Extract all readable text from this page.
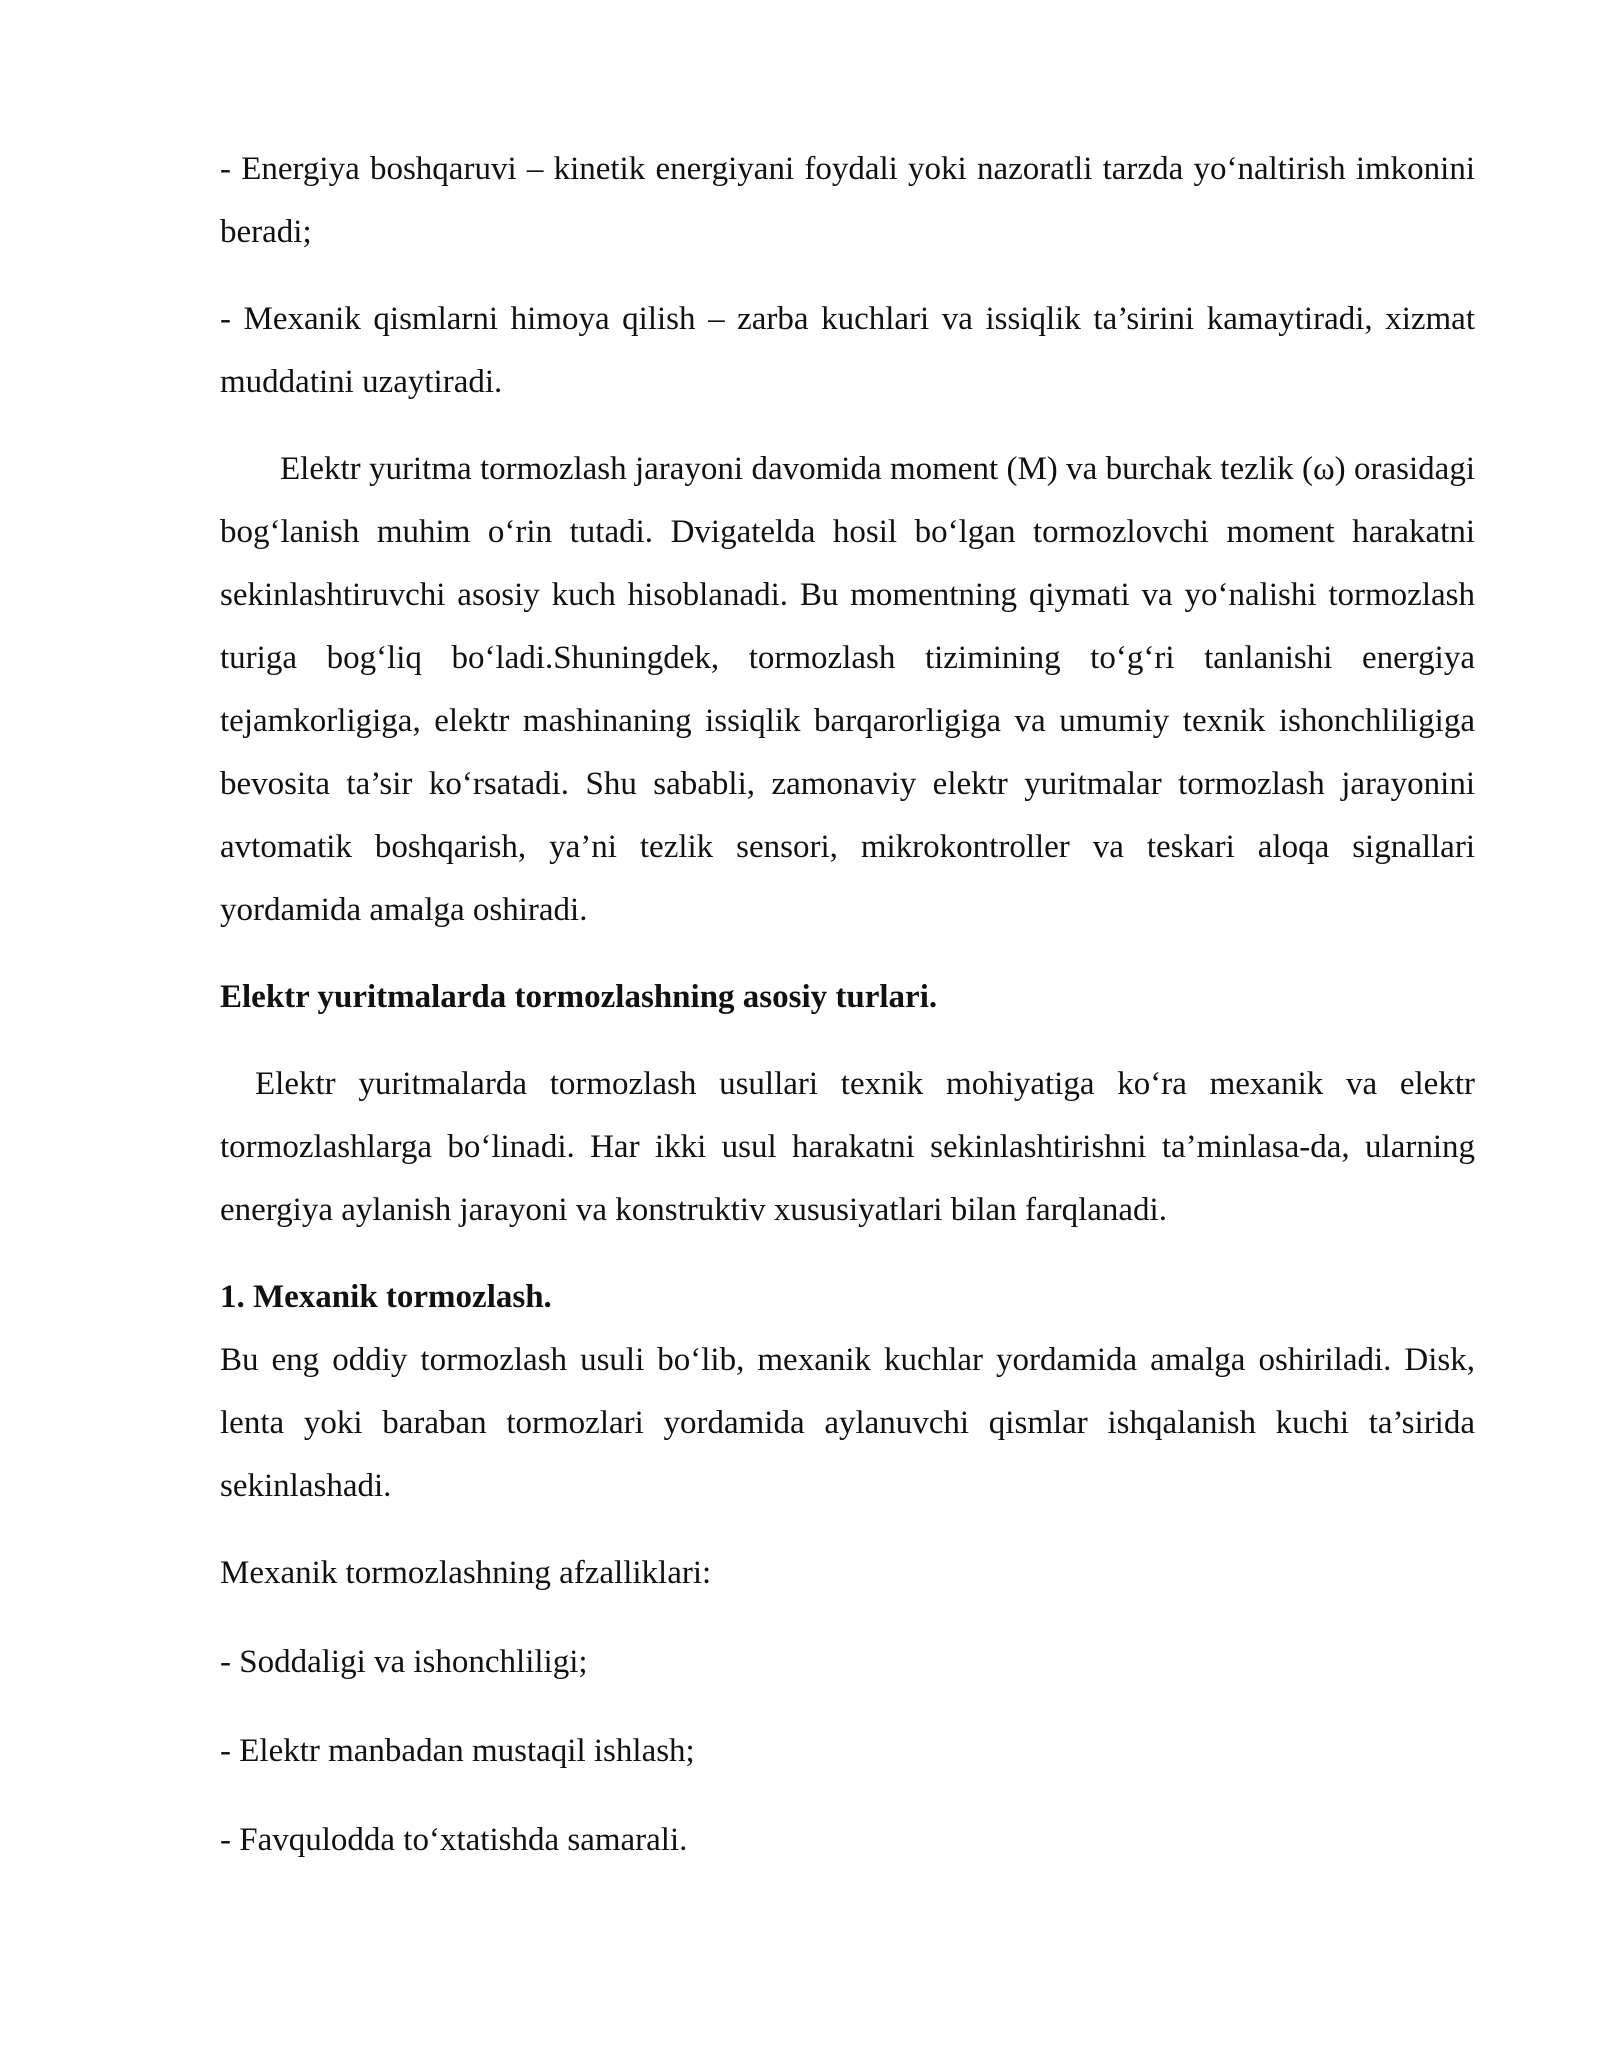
- Energiya boshqaruvi – kinetik energiyani foydali yoki nazoratli tarzda yo‘naltirish imkonini beradi;

- Mexanik qismlarni himoya qilish – zarba kuchlari va issiqlik ta’sirini kamaytiradi, xizmat muddatini uzaytiradi.

Elektr yuritma tormozlash jarayoni davomida moment (M) va burchak tezlik (ω) orasidagi bog‘lanish muhim o‘rin tutadi. Dvigatelda hosil bo‘lgan tormozlovchi moment harakatni sekinlashtiruvchi asosiy kuch hisoblanadi. Bu momentning qiymati va yo‘nalishi tormozlash turiga bog‘liq bo‘ladi.Shuningdek, tormozlash tizimining to‘g‘ri tanlanishi energiya tejamkorligiga, elektr mashinaning issiqlik barqarorligiga va umumiy texnik ishonchliligiga bevosita ta’sir ko‘rsatadi. Shu sababli, zamonaviy elektr yuritmalar tormozlash jarayonini avtomatik boshqarish, ya’ni tezlik sensori, mikrokontroller va teskari aloqa signallari yordamida amalga oshiradi.

Elektr yuritmalarda tormozlashning asosiy turlari.

Elektr yuritmalarda tormozlash usullari texnik mohiyatiga ko‘ra mexanik va elektr tormozlashlarga bo‘linadi. Har ikki usul harakatni sekinlashtirishni ta’minlasa-da, ularning energiya aylanish jarayoni va konstruktiv xususiyatlari bilan farqlanadi.

1. Mexanik tormozlash.

Bu eng oddiy tormozlash usuli bo‘lib, mexanik kuchlar yordamida amalga oshiriladi. Disk, lenta yoki baraban tormozlari yordamida aylanuvchi qismlar ishqalanish kuchi ta’sirida sekinlashadi.

Mexanik tormozlashning afzalliklari:

- Soddaligi va ishonchliligi;

- Elektr manbadan mustaqil ishlash;

- Favqulodda to‘xtatishda samarali.
